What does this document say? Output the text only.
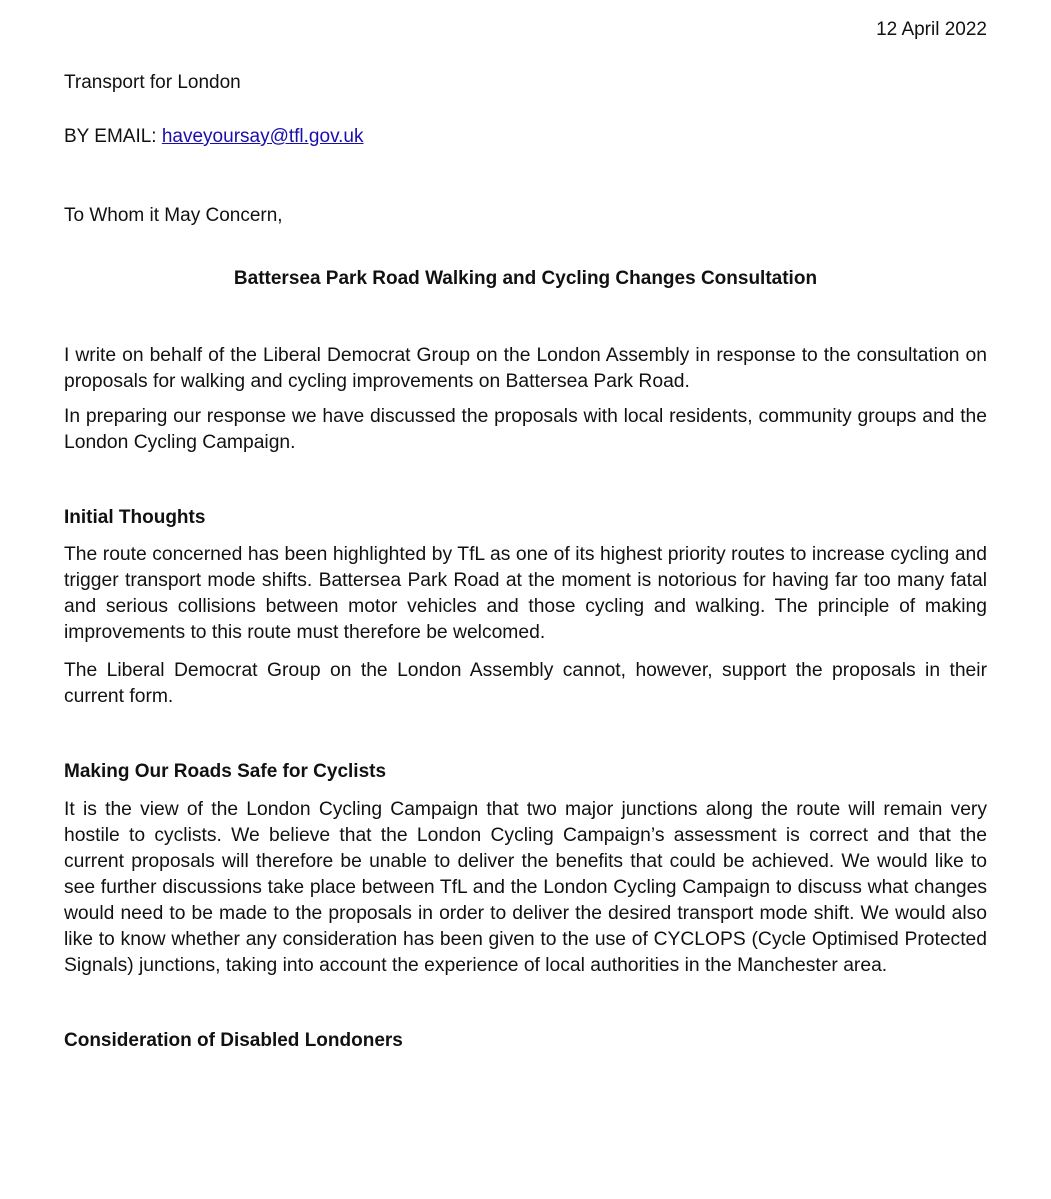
12 April 2022

Transport for London

BY EMAIL: haveyoursay@tfl.gov.uk

To Whom it May Concern,

Battersea Park Road Walking and Cycling Changes Consultation

I write on behalf of the Liberal Democrat Group on the London Assembly in response to the consultation on proposals for walking and cycling improvements on Battersea Park Road.

In preparing our response we have discussed the proposals with local residents, community groups and the London Cycling Campaign.

Initial Thoughts

The route concerned has been highlighted by TfL as one of its highest priority routes to increase cycling and trigger transport mode shifts. Battersea Park Road at the moment is notorious for having far too many fatal and serious collisions between motor vehicles and those cycling and walking. The principle of making improvements to this route must therefore be welcomed.

The Liberal Democrat Group on the London Assembly cannot, however, support the proposals in their current form.

Making Our Roads Safe for Cyclists

It is the view of the London Cycling Campaign that two major junctions along the route will remain very hostile to cyclists. We believe that the London Cycling Campaign’s assessment is correct and that the current proposals will therefore be unable to deliver the benefits that could be achieved. We would like to see further discussions take place between TfL and the London Cycling Campaign to discuss what changes would need to be made to the proposals in order to deliver the desired transport mode shift. We would also like to know whether any consideration has been given to the use of CYCLOPS (Cycle Optimised Protected Signals) junctions, taking into account the experience of local authorities in the Manchester area.

Consideration of Disabled Londoners
